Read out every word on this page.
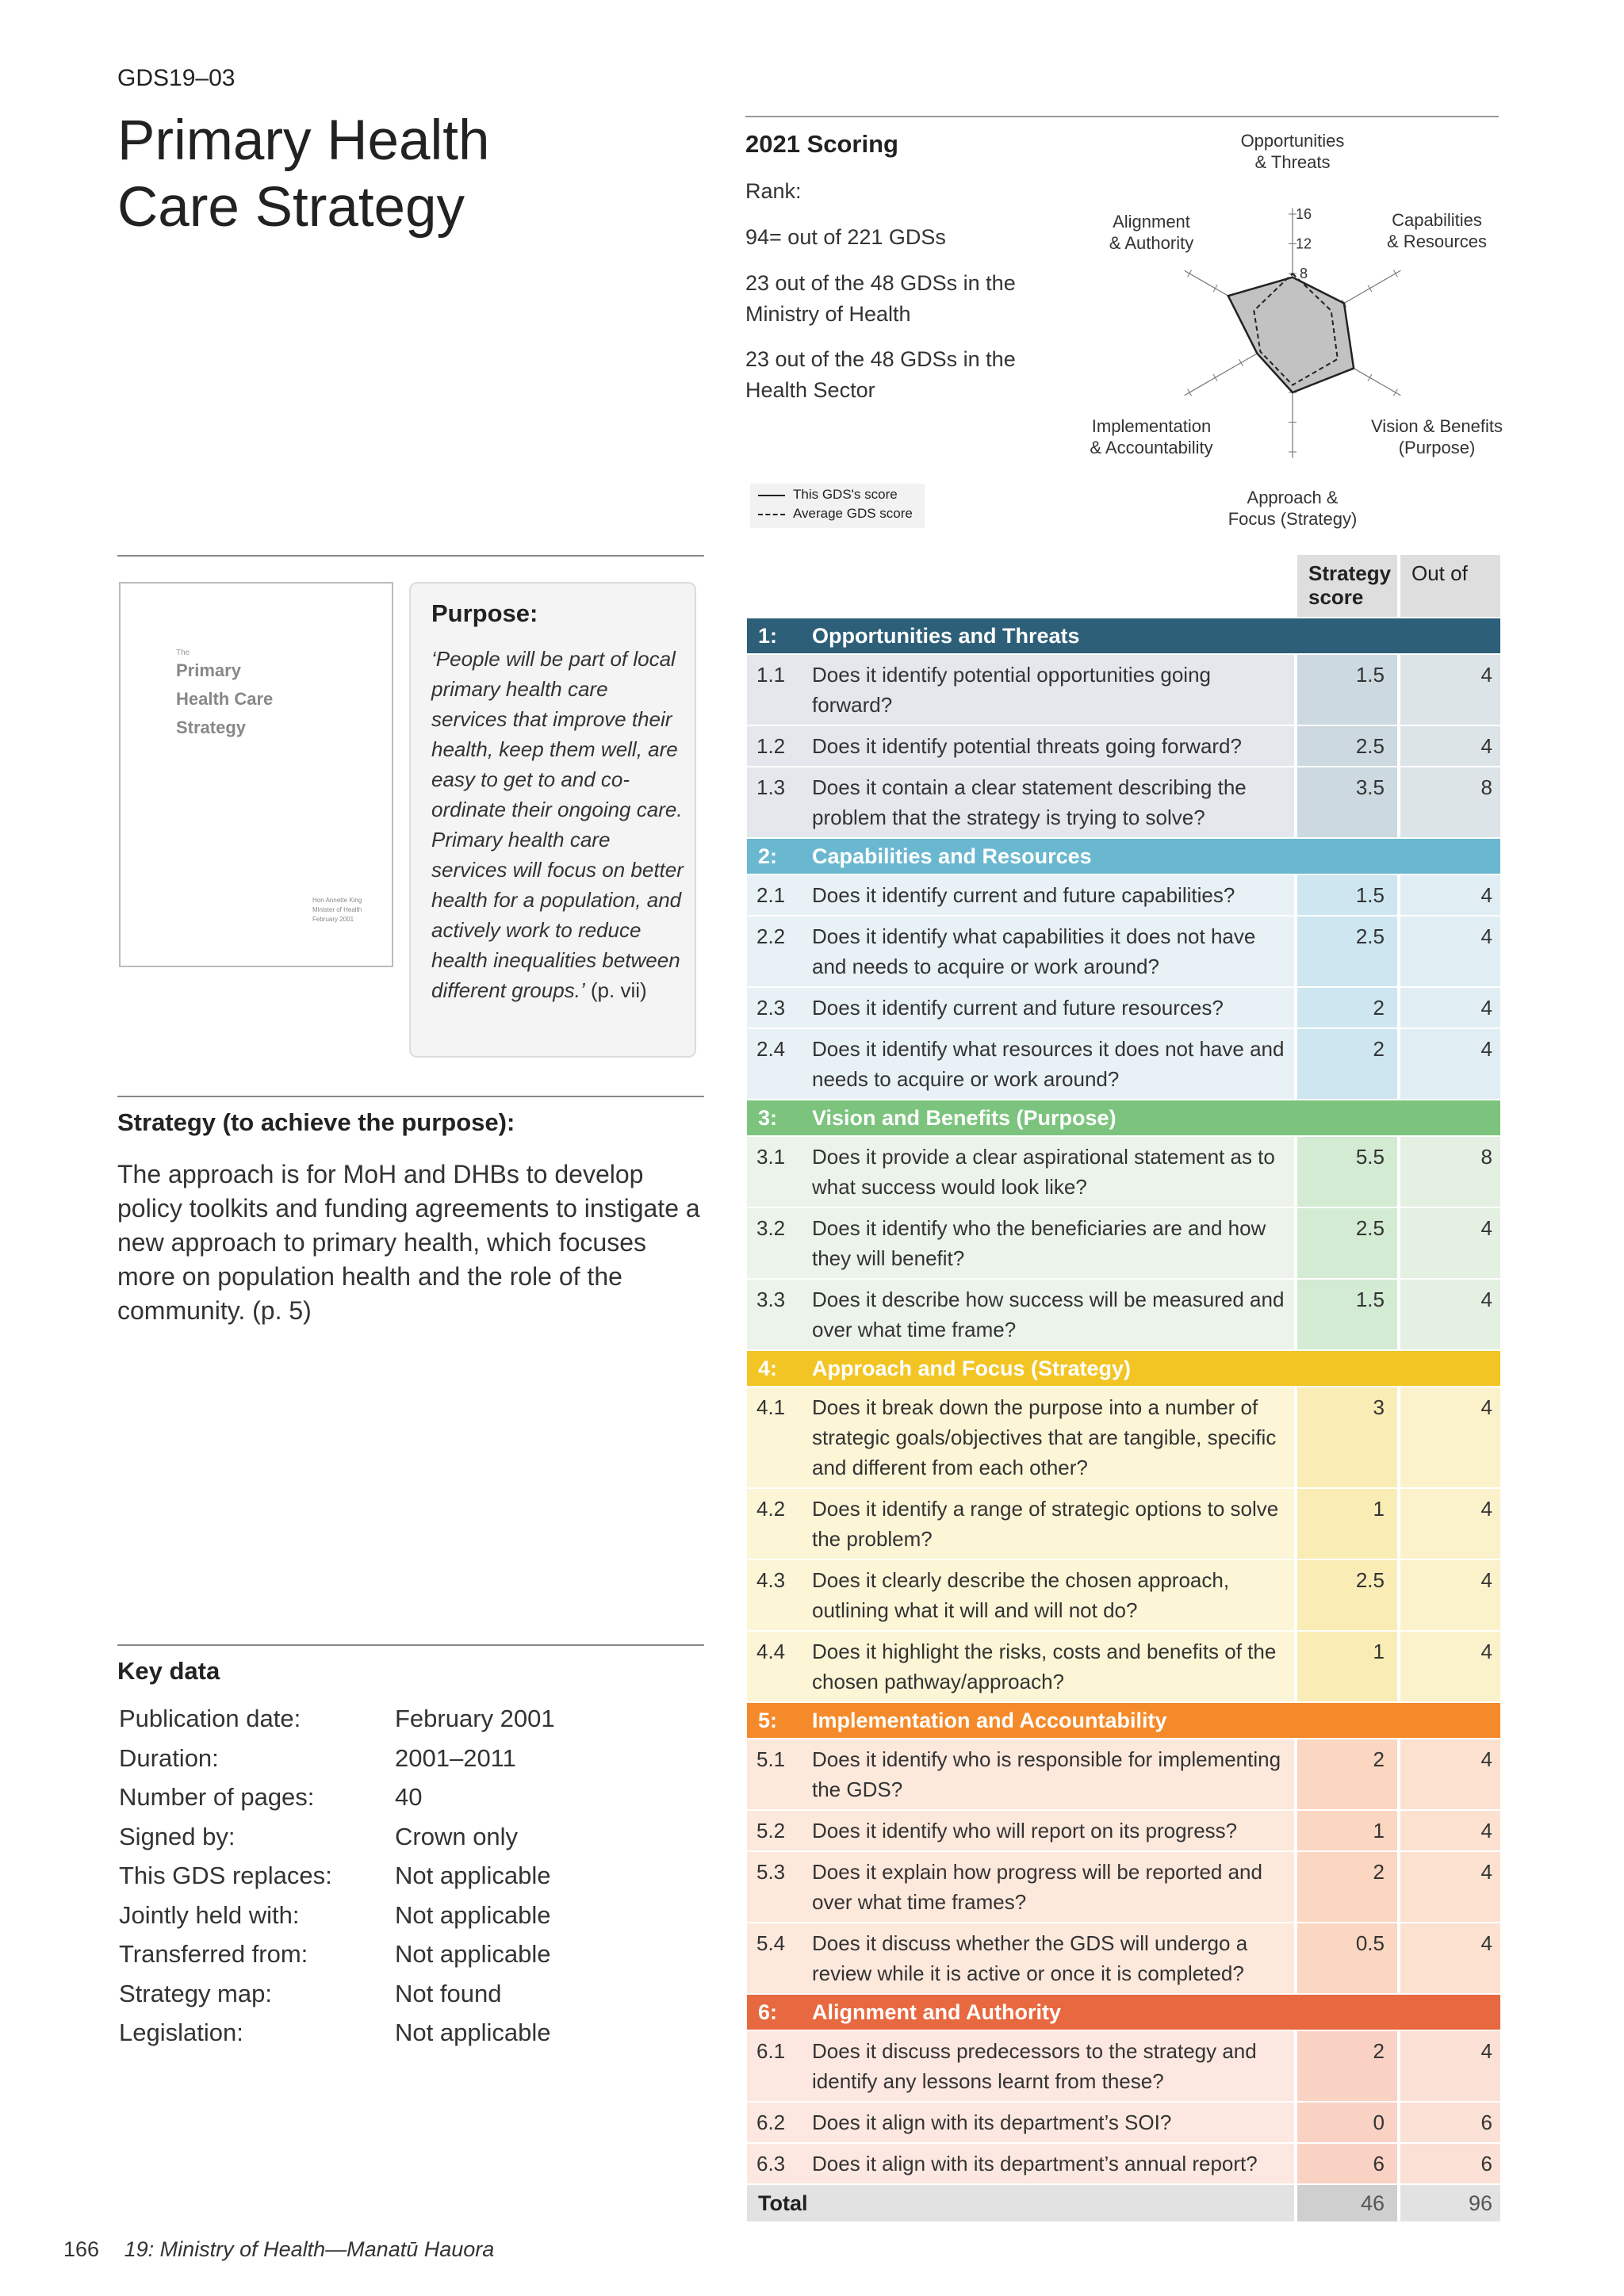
GDS19–03
Primary Health
Care Strategy
The
Primary
Health Care
Strategy
Hon Annette King
Minister of Health
February 2001
Purpose:
‘People will be part of local primary health care services that improve their health, keep them well, are easy to get to and co-ordinate their ongoing care. Primary health care services will focus on better health for a population, and actively work to reduce health inequalities between different groups.’ (p. vii)
Strategy (to achieve the purpose):
The approach is for MoH and DHBs to develop policy toolkits and funding agreements to instigate a new approach to primary health, which focuses more on population health and the role of the community. (p. 5)
Key data
Publication date:	February 2001
Duration:	2001–2011
Number of pages:	40
Signed by:	Crown only
This GDS replaces:	Not applicable
Jointly held with:	Not applicable
Transferred from:	Not applicable
Strategy map:	Not found
Legislation:	Not applicable
2021 Scoring
Rank:
94= out of 221 GDSs
23 out of the 48 GDSs in the Ministry of Health
23 out of the 48 GDSs in the Health Sector
8
12
16
Opportunities
& Threats
Capabilities
& Resources
Vision & Benefits
(Purpose)
Approach &
Focus (Strategy)
Implementation
& Accountability
Alignment
& Authority
This GDS's score
Average GDS score
Strategy score
Out of
1: Opportunities and Threats
1.1 Does it identify potential opportunities going forward?
1.5	4
1.2 Does it identify potential threats going forward?	2.5	4
1.3 Does it contain a clear statement describing the problem that the strategy is trying to solve?
3.5	8
2: Capabilities and Resources
2.1 Does it identify current and future capabilities?	1.5	4
2.2 Does it identify what capabilities it does not have and needs to acquire or work around?
2.5	4
2.3 Does it identify current and future resources?	2	4
2.4 Does it identify what resources it does not have and needs to acquire or work around?
2	4
3: Vision and Benefits (Purpose)
3.1 Does it provide a clear aspirational statement as to what success would look like?
5.5	8
3.2 Does it identify who the beneficiaries are and how they will benefit?
2.5	4
3.3 Does it describe how success will be measured and over what time frame?
1.5	4
4: Approach and Focus (Strategy)
4.1 Does it break down the purpose into a number of strategic goals/objectives that are tangible, specific and different from each other?
3	4
4.2 Does it identify a range of strategic options to solve the problem?
1	4
4.3 Does it clearly describe the chosen approach, outlining what it will and will not do?
2.5	4
4.4 Does it highlight the risks, costs and benefits of the chosen pathway/approach?
1	4
5: Implementation and Accountability
5.1 Does it identify who is responsible for implementing the GDS?
2	4
5.2 Does it identify who will report on its progress?	1	4
5.3 Does it explain how progress will be reported and over what time frames?
2	4
5.4 Does it discuss whether the GDS will undergo a review while it is active or once it is completed?
0.5	4
6: Alignment and Authority
6.1 Does it discuss predecessors to the strategy and identify any lessons learnt from these?
2	4
6.2 Does it align with its department’s SOI?	0	6
6.3 Does it align with its department’s annual report?	6	6
Total	46	96
166 19: Ministry of Health—Manatū Hauora
